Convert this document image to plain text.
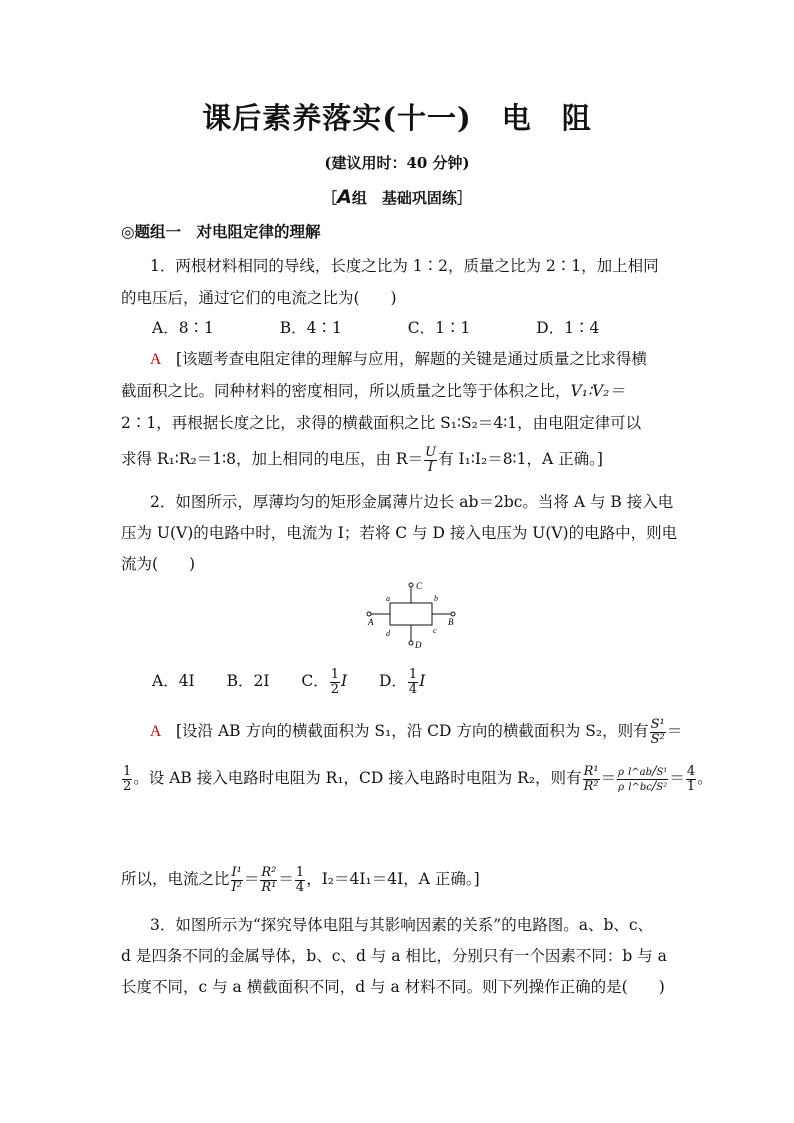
课后素养落实(十一)　电　阻
(建议用时：40 分钟)
［A组　基础巩固练］
◎题组一　对电阻定律的理解
1．两根材料相同的导线，长度之比为 1∶2，质量之比为 2∶1，加上相同
的电压后，通过它们的电流之比为(　　)
A．8∶1	B．4∶1	C．1∶1	D．1∶4
A [该题考查电阻定律的理解与应用，解题的关键是通过质量之比求得横
截面积之比。同种材料的密度相同，所以质量之比等于体积之比，V₁∶V₂＝
2∶1，再根据长度之比，求得的横截面积之比 S₁∶S₂＝4∶1，由电阻定律可以
求得 R₁∶R₂＝1∶8，加上相同的电压，由 $R= \frac{U}{I}$ 有 I₁∶I₂＝8∶1，A 正确。]
2．如图所示，厚薄均匀的矩形金属薄片边长 ab＝2bc。当将 A 与 B 接入电
压为 U(V)的电路中时，电流为 I；若将 C 与 D 接入电压为 U(V)的电路中，则电
流为(　　)
a	b
c
d
A	B
C
D
A．4I B．2I C． $\frac{1}{2}$ I D． $\frac{1}{4}$ I
A [设沿 AB 方向的横截面积为 S₁，沿 CD 方向的横截面积为 S₂，则有 $\frac{\text{S¹}}{\text{S²}}$ ＝
$\frac{1}{2}$ 。设 AB 接入电路时电阻为 R₁，CD 接入电路时电阻为 R₂，则有 $\frac{\text{R¹}}{\text{R²}} = \frac{\text{ρ l\textasciicircum{}ab/S¹}}{\text{ρ l\textasciicircum{}bc/S²}} = \frac{4}{1}$ 。
所以，电流之比 $\frac{\text{I¹}}{\text{I²}} = \frac{\text{R²}}{\text{R¹}} = \frac{1}{4}$ ，I₂＝4I₁＝4I，A 正确。]
3．如图所示为“探究导体电阻与其影响因素的关系”的电路图。a、b、c、
d 是四条不同的金属导体，b、c、d 与 a 相比，分别只有一个因素不同：b 与 a
长度不同，c 与 a 横截面积不同，d 与 a 材料不同。则下列操作正确的是(　　)
